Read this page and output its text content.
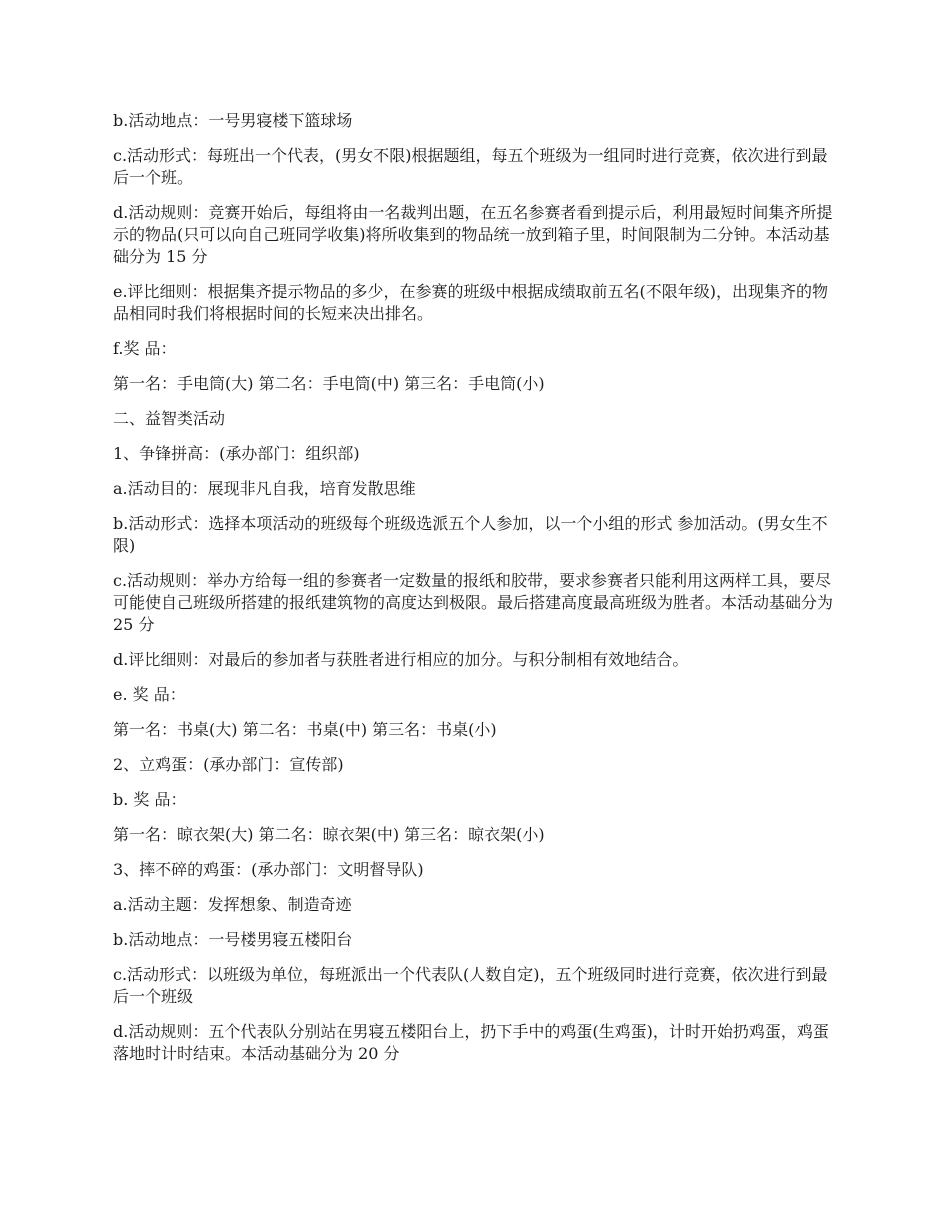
b.活动地点：一号男寝楼下篮球场

c.活动形式：每班出一个代表，(男女不限)根据题组，每五个班级为一组同时进行竞赛，依次进行到最后一个班。

d.活动规则：竞赛开始后，每组将由一名裁判出题，在五名参赛者看到提示后，利用最短时间集齐所提示的物品(只可以向自己班同学收集)将所收集到的物品统一放到箱子里，时间限制为二分钟。本活动基础分为 15 分

e.评比细则：根据集齐提示物品的多少，在参赛的班级中根据成绩取前五名(不限年级)，出现集齐的物品相同时我们将根据时间的长短来决出排名。

f.奖 品：

第一名：手电筒(大) 第二名：手电筒(中) 第三名：手电筒(小)

二、益智类活动

1、争锋拼高：(承办部门：组织部)

a.活动目的：展现非凡自我，培育发散思维

b.活动形式：选择本项活动的班级每个班级选派五个人参加，以一个小组的形式 参加活动。(男女生不限)

c.活动规则：举办方给每一组的参赛者一定数量的报纸和胶带，要求参赛者只能利用这两样工具，要尽可能使自己班级所搭建的报纸建筑物的高度达到极限。最后搭建高度最高班级为胜者。本活动基础分为 25 分

d.评比细则：对最后的参加者与获胜者进行相应的加分。与积分制相有效地结合。

e. 奖 品：

第一名：书桌(大) 第二名：书桌(中) 第三名：书桌(小)

2、立鸡蛋：(承办部门：宣传部)

b. 奖 品：

第一名：晾衣架(大) 第二名：晾衣架(中) 第三名：晾衣架(小)

3、摔不碎的鸡蛋：(承办部门：文明督导队)

a.活动主题：发挥想象、制造奇迹

b.活动地点：一号楼男寝五楼阳台

c.活动形式：以班级为单位，每班派出一个代表队(人数自定)，五个班级同时进行竞赛，依次进行到最后一个班级

d.活动规则：五个代表队分别站在男寝五楼阳台上，扔下手中的鸡蛋(生鸡蛋)，计时开始扔鸡蛋，鸡蛋落地时计时结束。本活动基础分为 20 分
